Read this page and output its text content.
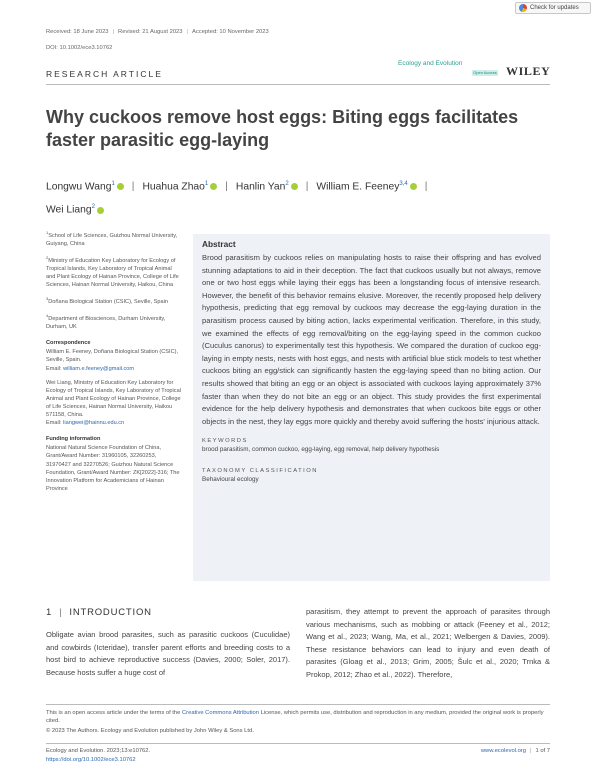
Check for updates
Received: 18 June 2023 | Revised: 21 August 2023 | Accepted: 10 November 2023
DOI: 10.1002/ece3.10762
RESEARCH ARTICLE
Ecology and Evolution
Open Access WILEY
Why cuckoos remove host eggs: Biting eggs facilitates faster parasitic egg-laying
Longwu Wang$^1$ | Huahua Zhao$^1$ | Hanlin Yan$^2$ | William E. Feeney$^{3,4}$ |
Wei Liang$^2$

$^1$School of Life Sciences, Guizhou Normal University, Guiyang, China

$^2$Ministry of Education Key Laboratory for Ecology of Tropical Islands, Key Laboratory of Tropical Animal and Plant Ecology of Hainan Province, College of Life Sciences, Hainan Normal University, Haikou, China

$^3$Doñana Biological Station (CSIC), Seville, Spain

$^4$Department of Biosciences, Durham University, Durham, UK

Correspondence

William E. Feeney, Doñana Biological Station (CSIC), Seville, Spain.
Email: william.e.feeney@gmail.com

Wei Liang, Ministry of Education Key Laboratory for Ecology of Tropical Islands, Key Laboratory of Tropical Animal and Plant Ecology of Hainan Province, College of Life Sciences, Hainan Normal University, Haikou 571158, China.
Email: liangwei@hainnu.edu.cn

Funding information

National Natural Science Foundation of China, Grant/Award Number: 31960105, 32260253, 31970427 and 32270526; Guizhou Natural Science Foundation, Grant/Award Number: ZK[2022]-316; The Innovation Platform for Academicians of Hainan Province

Abstract

Brood parasitism by cuckoos relies on manipulating hosts to raise their offspring and has evolved stunning adaptations to aid in their deception. The fact that cuckoos usually but not always, remove one or two host eggs while laying their eggs has been a longstanding focus of intensive research. However, the benefit of this behavior remains elusive. Moreover, the recently proposed help delivery hypothesis, predicting that egg removal by cuckoos may decrease the egg-laying duration in the parasitism process caused by biting action, lacks experimental verification. Therefore, in this study, we examined the effects of egg removal/biting on the egg-laying speed in the common cuckoo (Cuculus canorus) to experimentally test this hypothesis. We compared the duration of cuckoo egg-laying in empty nests, nests with host eggs, and nests with artificial blue stick models to test whether cuckoos biting an egg/stick can significantly hasten the egg-laying speed than no biting action. Our results showed that biting an egg or an object is associated with cuckoos laying approximately 37% faster than when they do not bite an egg or an object. This study provides the first experimental evidence for the help delivery hypothesis and demonstrates that when cuckoos bite eggs or other objects in the nest, they lay eggs more quickly and thereby avoid suffering the hosts' injurious attack.

KEYWORDS
brood parasitism, common cuckoo, egg-laying, egg removal, help delivery hypothesis
TAXONOMY CLASSIFICATION
Behavioural ecology
1 | INTRODUCTION

Obligate avian brood parasites, such as parasitic cuckoos (Cuculidae) and cowbirds (Icteridae), transfer parent efforts and breeding costs to a host bird to achieve reproductive success (Davies, 2000; Soler, 2017). Because hosts suffer a huge cost of

parasitism, they attempt to prevent the approach of parasites through various mechanisms, such as mobbing or attack (Feeney et al., 2012; Wang et al., 2023; Wang, Ma, et al., 2021; Welbergen & Davies, 2009). These resistance behaviors can lead to injury and even death of parasites (Gloag et al., 2013; Grim, 2005; Šulc et al., 2020; Trnka & Prokop, 2012; Zhao et al., 2022). Therefore,

This is an open access article under the terms of the Creative Commons Attribution License, which permits use, distribution and reproduction in any medium, provided the original work is properly cited.
© 2023 The Authors. Ecology and Evolution published by John Wiley & Sons Ltd.
Ecology and Evolution. 2023;13:e10762.
https://doi.org/10.1002/ece3.10762
www.ecolevol.org | 1 of 7
